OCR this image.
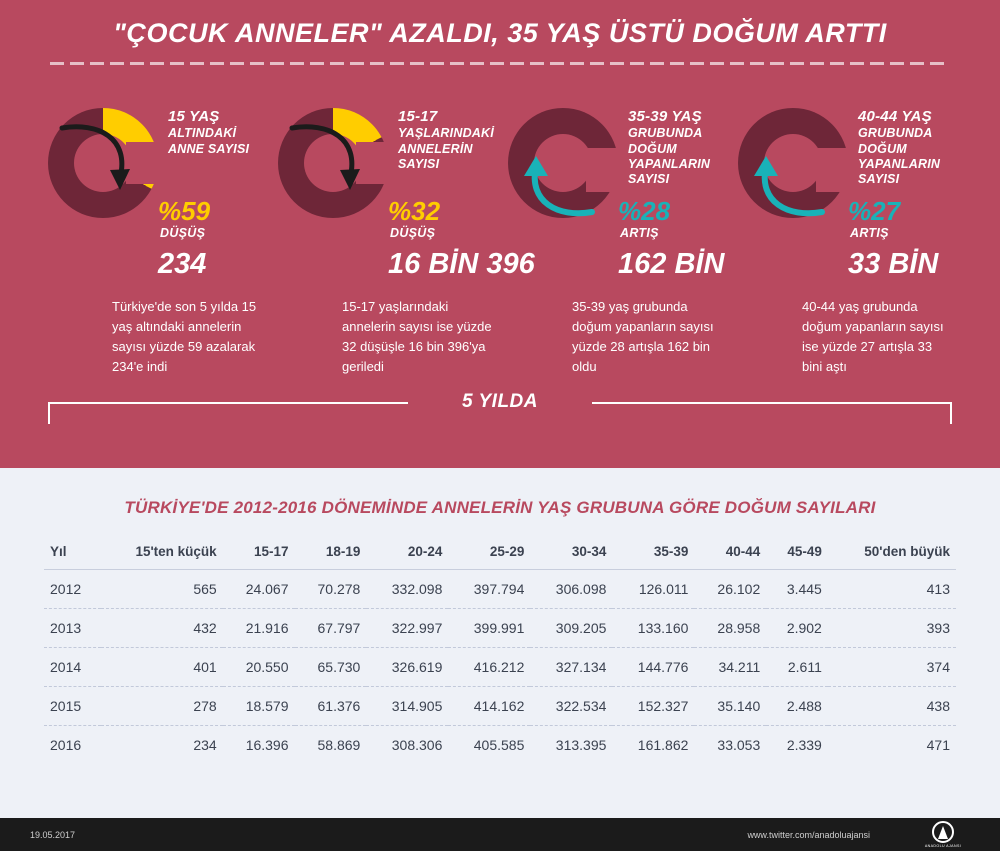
"ÇOCUK ANNELER" AZALDI, 35 YAŞ ÜSTÜ DOĞUM ARTTI
15 YAŞ
ALTINDAKİ
ANNE SAYISI
%59
DÜŞÜŞ
234
Türkiye'de son 5 yılda 15 yaş altındaki annelerin sayısı yüzde 59 azalarak 234'e indi
15-17
YAŞLARINDAKİ
ANNELERİN SAYISI
%32
DÜŞÜŞ
16 BİN 396
15-17 yaşlarındaki annelerin sayısı ise yüzde 32 düşüşle 16 bin 396'ya geriledi
35-39 YAŞ
GRUBUNDA DOĞUM
YAPANLARIN SAYISI
%28
ARTIŞ
162 BİN
35-39 yaş grubunda doğum yapanların sayısı yüzde 28 artışla 162 bin oldu
40-44 YAŞ
GRUBUNDA DOĞUM
YAPANLARIN SAYISI
%27
ARTIŞ
33 BİN
40-44 yaş grubunda doğum yapanların sayısı ise yüzde 27 artışla 33 bini aştı
5 YILDA
TÜRKİYE'DE 2012-2016 DÖNEMİNDE ANNELERİN YAŞ GRUBUNA GÖRE DOĞUM SAYILARI
Yıl	15'ten küçük	15-17	18-19	20-24	25-29	30-34	35-39	40-44	45-49	50'den büyük
2012	565	24.067	70.278	332.098	397.794	306.098	126.011	26.102	3.445	413
2013	432	21.916	67.797	322.997	399.991	309.205	133.160	28.958	2.902	393
2014	401	20.550	65.730	326.619	416.212	327.134	144.776	34.211	2.611	374
2015	278	18.579	61.376	314.905	414.162	322.534	152.327	35.140	2.488	438
2016	234	16.396	58.869	308.306	405.585	313.395	161.862	33.053	2.339	471
19.05.2017	www.twitter.com/anadoluajansi
ANADOLU AJANSI
